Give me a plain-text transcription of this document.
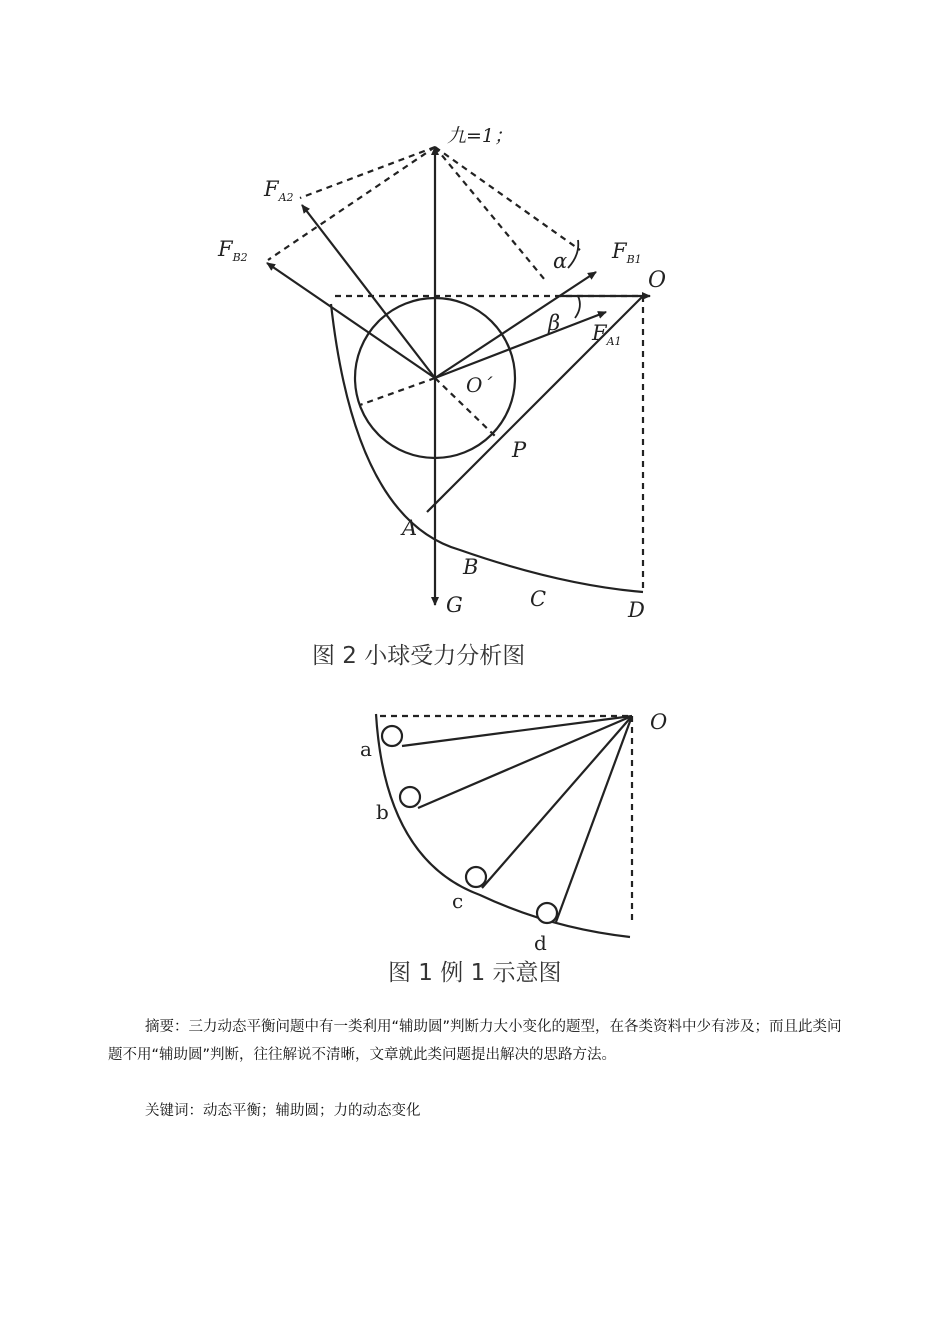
九=1；
$F_{A2}$
$F_{B2}$	$F_{B1}$
$F_{A1}$
O
O´
α
β
P
A
B
C	D
G
图 2 小球受力分析图
O
a
b
c
d
图 1 例 1 示意图
摘要：三力动态平衡问题中有一类利用“辅助圆”判断力大小变化的题型，在各类资料中少有涉及；而且此类问题不用“辅助圆”判断，往往解说不清晰，文章就此类问题提出解决的思路方法。
关键词：动态平衡；辅助圆；力的动态变化
